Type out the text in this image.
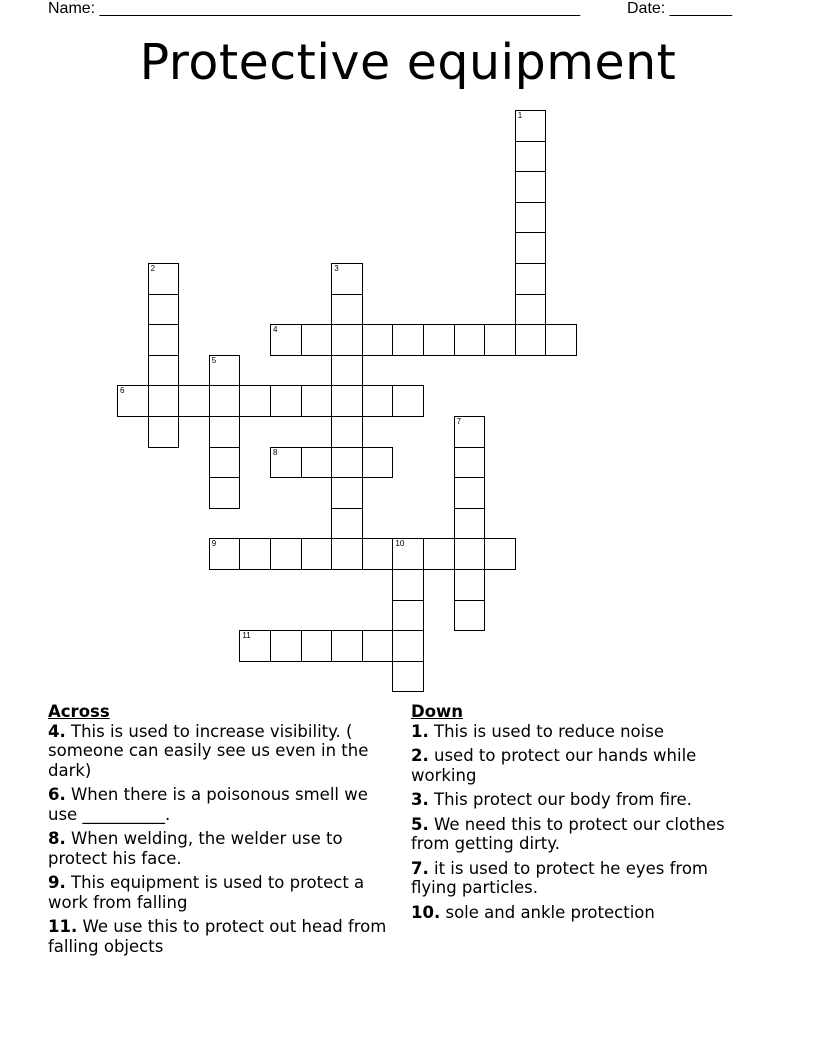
Name: ______________________________________________________	Date: _______
Protective equipment
1
2	3
4
5
6
7
8
9	10
11
Across
4. This is used to increase visibility. ( someone can easily see us even in the dark)
6. When there is a poisonous smell we use __________.
8. When welding, the welder use to protect his face.
9. This equipment is used to protect a work from falling
11. We use this to protect out head from falling objects
Down
1. This is used to reduce noise
2. used to protect our hands while working
3. This protect our body from fire.
5. We need this to protect our clothes from getting dirty.
7. it is used to protect he eyes from flying particles.
10. sole and ankle protection
